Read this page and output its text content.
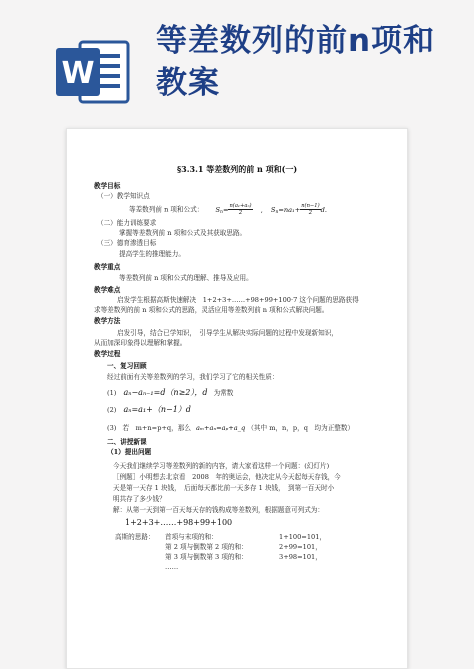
W
等差数列的前n项和教案
§3.3.1 等差数列的前 n 项和(一)
教学目标
（一）教学知识点
等差数列前 n 项和公式： $S_n= \frac{\text{n(a₁+aₙ)}}{2}$ , $S_n=na_1+ \frac{n(n-1)}{2} d$.
（二）能力训练要求
掌握等差数列前 n 项和公式及其获取思路。
（三）德育渗透目标
提高学生的推理能力。
教学重点
等差数列前 n 项和公式的理解、推导及应用。
教学难点
启发学生根据高斯快速解决　1+2+3+……+98+99+100·7 这个问题的思路获得
求等差数列的前 n 项和公式的思路，灵活应用等差数列前 n 项和公式解决问题。
教学方法
启发引导，结合已学知识，　引导学生从解决实际问题的过程中发现新知识，
从而加深印象得以理解和掌握。
教学过程
一、复习回顾
经过前面有关等差数列的学习，我们学习了它的相关性质：
(1) aₙ−aₙ₋₁=d（n≥2），d 为常数
(2) aₙ=a₁+（n−1）d
(3) 若　m+n=p+q，那么 aₘ+aₙ=aₚ+a_q （其中 m，n，p，q　均为正整数）
二、讲授新课
（1）提出问题
今天我们继续学习等差数列的新的内容，请大家看这样一个问题：(幻灯片)
［例题］小明想去北京看　2008　年的奥运会，他决定从今天起每天存钱，今
天是第一天存 1 块钱，　后面每天都比前一天多存 1 块钱，　到第一百天时小
明共存了多少钱？
解：从第一天到第一百天每天存的钱构成等差数列，根据题意可列式为：
1+2+3+……+98+99+100
高斯的思路： 首项与末项的和：	1+100=101，
第 2 项与倒数第 2 项的和：	2+99=101，
第 3 项与倒数第 3 项的和：	3+98=101，
……
